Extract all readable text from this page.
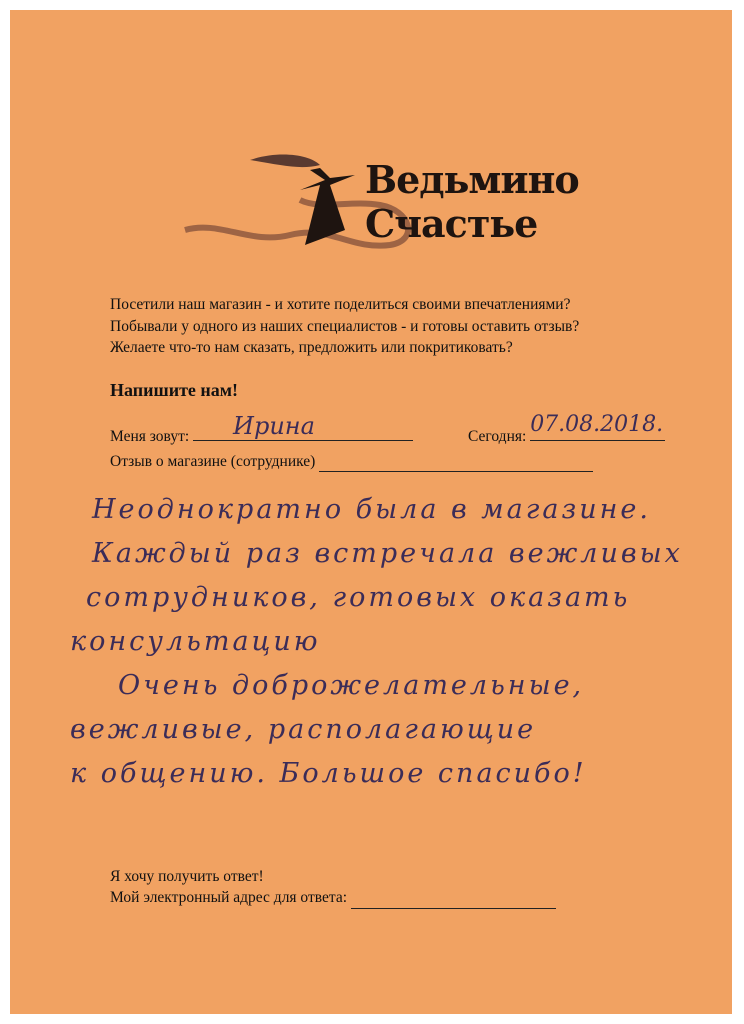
Ведьмино
Счастье
Посетили наш магазин - и хотите поделиться своими впечатлениями?
Побывали у одного из наших специалистов - и готовы оставить отзыв?
Желаете что-то нам сказать, предложить или покритиковать?
Напишите нам!
Меня зовут: Ирина	Сегодня: 07.08.2018.
Отзыв о магазине (сотруднике)
Неоднократно была в магазине.
Каждый раз встречала вежливых
сотрудников, готовых оказать
консультацию
Очень доброжелательные,
вежливые, располагающие
к общению. Большое спасибо!
Я хочу получить ответ!
Мой электронный адрес для ответа:
